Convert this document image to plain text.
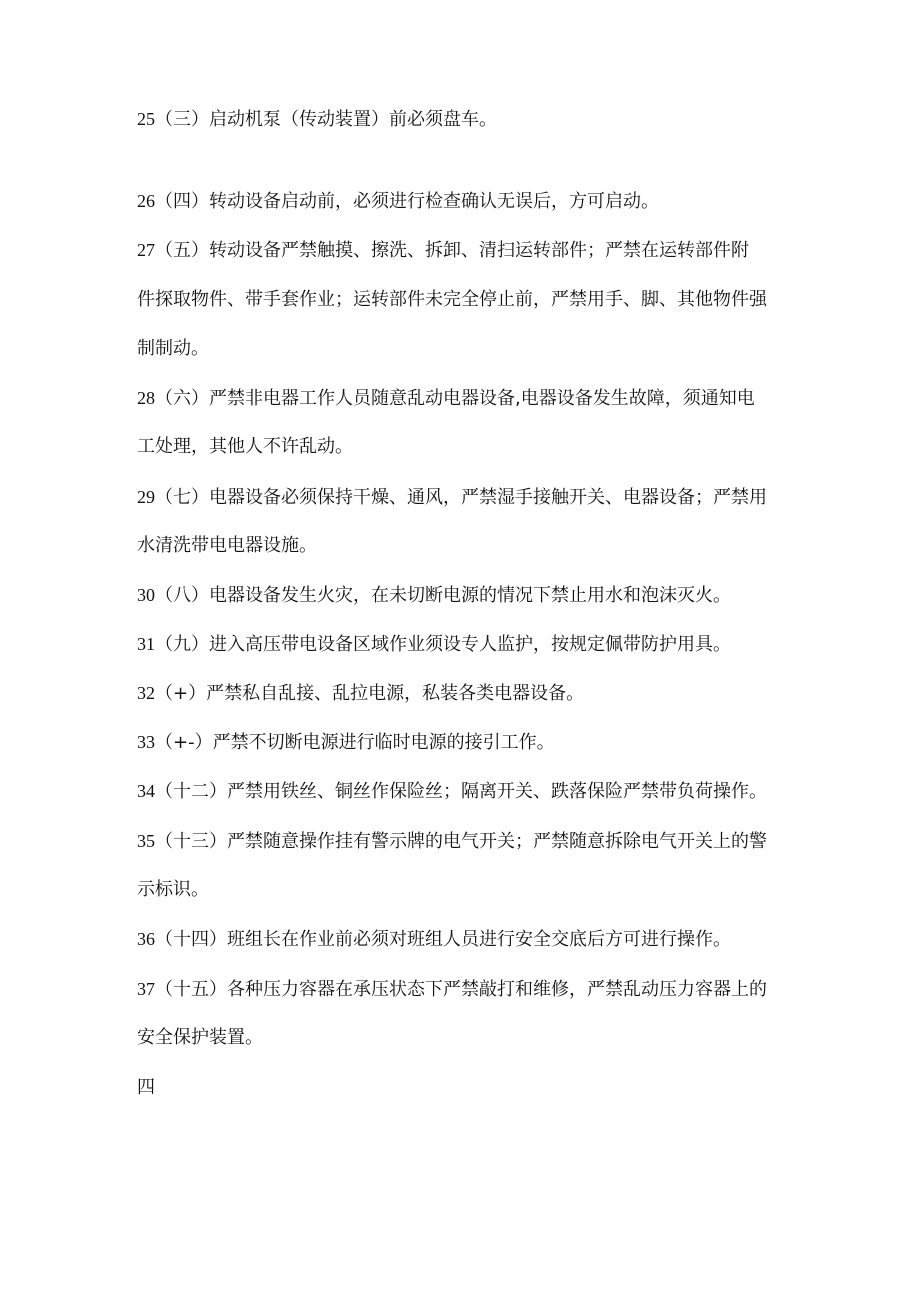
25（三）启动机泵（传动装置）前必须盘车。
26（四）转动设备启动前，必须进行检查确认无误后，方可启动。
27（五）转动设备严禁触摸、擦洗、拆卸、清扫运转部件；严禁在运转部件附
件探取物件、带手套作业；运转部件未完全停止前，严禁用手、脚、其他物件强
制制动。
28（六）严禁非电器工作人员随意乱动电器设备,电器设备发生故障，须通知电
工处理，其他人不许乱动。
29（七）电器设备必须保持干燥、通风，严禁湿手接触开关、电器设备；严禁用
水清洗带电电器设施。
30（八）电器设备发生火灾，在未切断电源的情况下禁止用水和泡沫灭火。
31（九）进入高压带电设备区域作业须设专人监护，按规定佩带防护用具。
32（+）严禁私自乱接、乱拉电源，私装各类电器设备。
33（+-）严禁不切断电源进行临时电源的接引工作。
34（十二）严禁用铁丝、铜丝作保险丝；隔离开关、跌落保险严禁带负荷操作。
35（十三）严禁随意操作挂有警示牌的电气开关；严禁随意拆除电气开关上的警
示标识。
36（十四）班组长在作业前必须对班组人员进行安全交底后方可进行操作。
37（十五）各种压力容器在承压状态下严禁敲打和维修，严禁乱动压力容器上的
安全保护装置。
四
